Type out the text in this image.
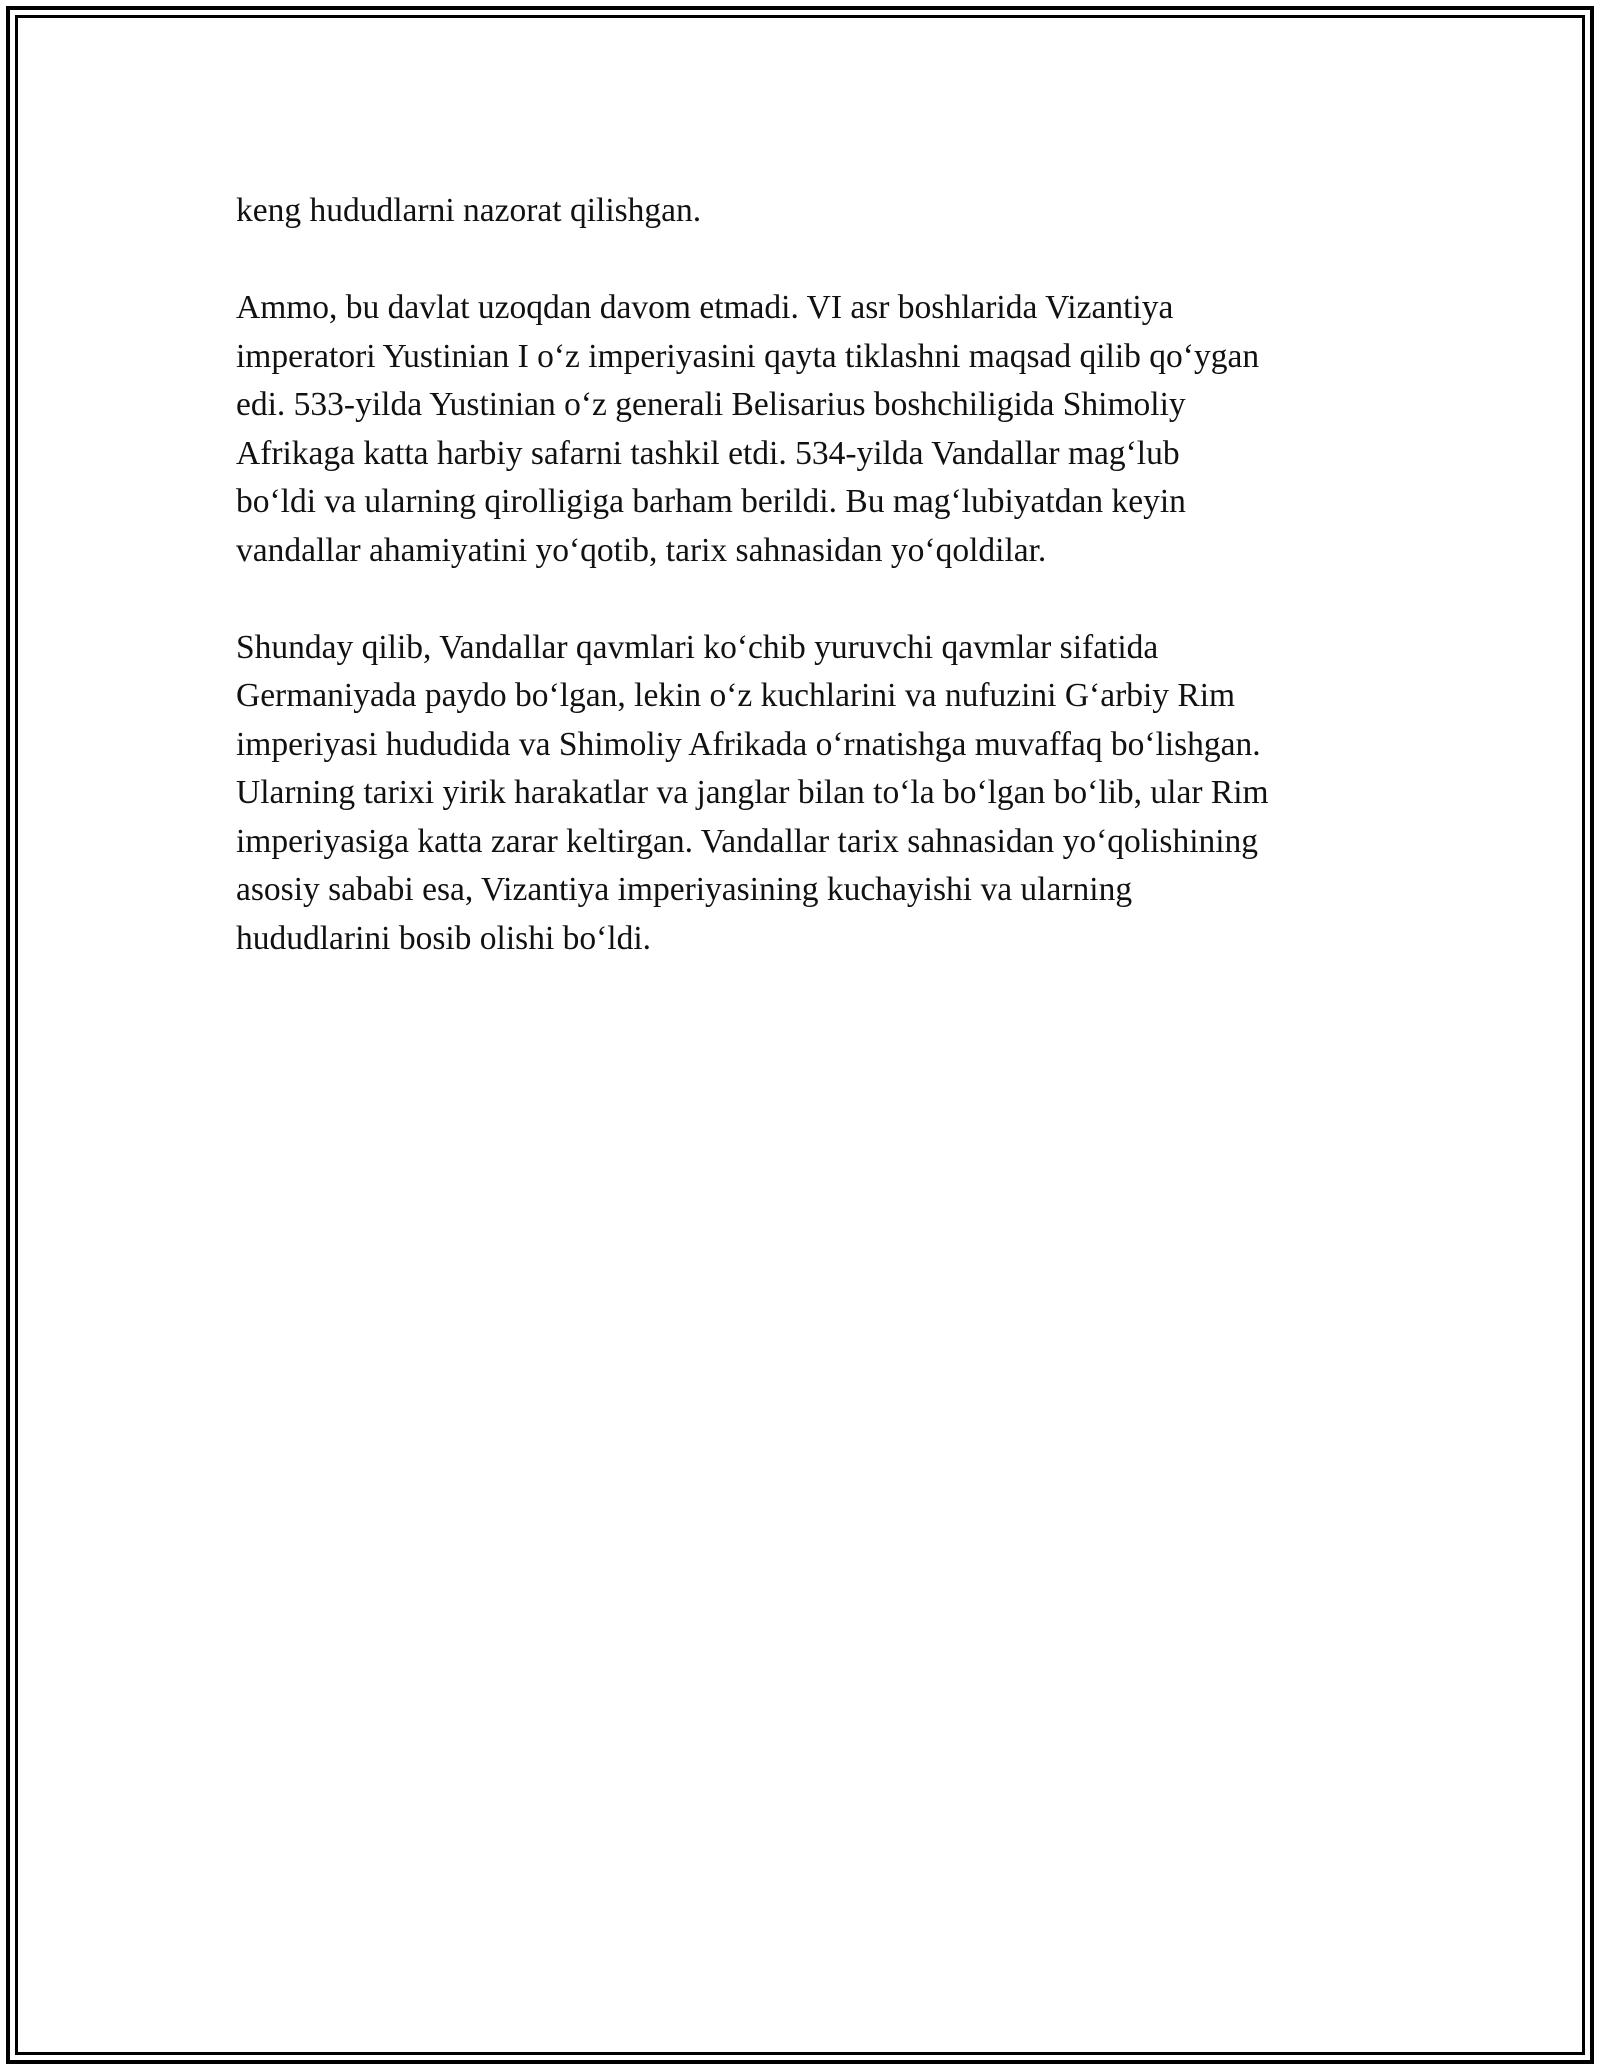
keng hududlarni nazorat qilishgan.

Ammo, bu davlat uzoqdan davom etmadi. VI asr boshlarida Vizantiya
imperatori Yustinian I o‘z imperiyasini qayta tiklashni maqsad qilib qo‘ygan
edi. 533-yilda Yustinian o‘z generali Belisarius boshchiligida Shimoliy
Afrikaga katta harbiy safarni tashkil etdi. 534-yilda Vandallar mag‘lub
bo‘ldi va ularning qirolligiga barham berildi. Bu mag‘lubiyatdan keyin
vandallar ahamiyatini yo‘qotib, tarix sahnasidan yo‘qoldilar.

Shunday qilib, Vandallar qavmlari ko‘chib yuruvchi qavmlar sifatida
Germaniyada paydo bo‘lgan, lekin o‘z kuchlarini va nufuzini G‘arbiy Rim
imperiyasi hududida va Shimoliy Afrikada o‘rnatishga muvaffaq bo‘lishgan.
Ularning tarixi yirik harakatlar va janglar bilan to‘la bo‘lgan bo‘lib, ular Rim
imperiyasiga katta zarar keltirgan. Vandallar tarix sahnasidan yo‘qolishining
asosiy sababi esa, Vizantiya imperiyasining kuchayishi va ularning
hududlarini bosib olishi bo‘ldi.
